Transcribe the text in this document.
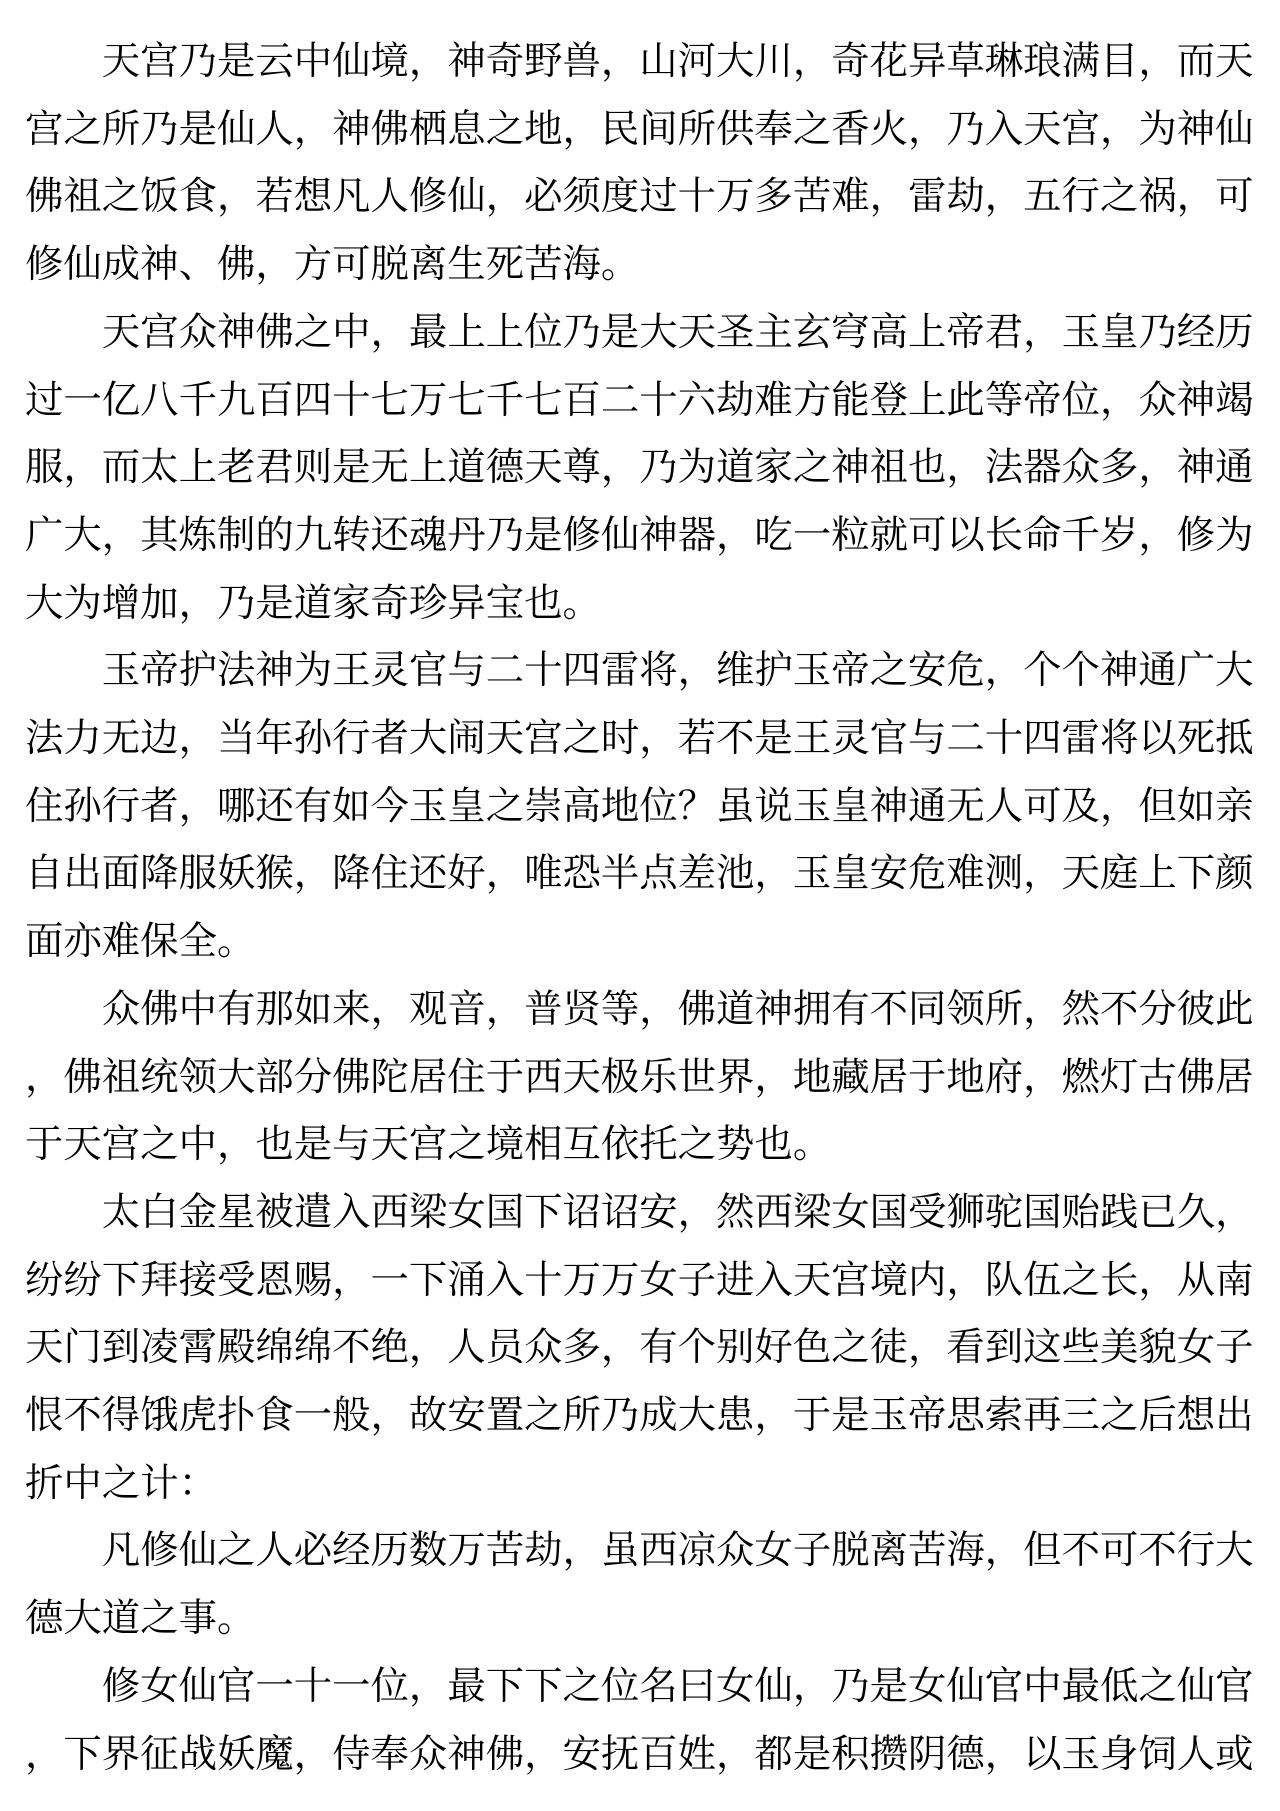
天宫乃是云中仙境，神奇野兽，山河大川，奇花异草琳琅满目，而天宫之所乃是仙人，神佛栖息之地，民间所供奉之香火，乃入天宫，为神仙佛祖之饭食，若想凡人修仙，必须度过十万多苦难，雷劫，五行之祸，可修仙成神、佛，方可脱离生死苦海。

天宫众神佛之中，最上上位乃是大天圣主玄穹高上帝君，玉皇乃经历过一亿八千九百四十七万七千七百二十六劫难方能登上此等帝位，众神竭服，而太上老君则是无上道德天尊，乃为道家之神祖也，法器众多，神通广大，其炼制的九转还魂丹乃是修仙神器，吃一粒就可以长命千岁，修为大为增加，乃是道家奇珍异宝也。

玉帝护法神为王灵官与二十四雷将，维护玉帝之安危，个个神通广大法力无边，当年孙行者大闹天宫之时，若不是王灵官与二十四雷将以死抵住孙行者，哪还有如今玉皇之崇高地位？虽说玉皇神通无人可及，但如亲自出面降服妖猴，降住还好，唯恐半点差池，玉皇安危难测，天庭上下颜面亦难保全。

众佛中有那如来，观音，普贤等，佛道神拥有不同领所，然不分彼此，佛祖统领大部分佛陀居住于西天极乐世界，地藏居于地府，燃灯古佛居于天宫之中，也是与天宫之境相互依托之势也。

太白金星被遣入西梁女国下诏诏安，然西梁女国受狮驼国贻践已久，纷纷下拜接受恩赐，一下涌入十万万女子进入天宫境内，队伍之长，从南天门到凌霄殿绵绵不绝，人员众多，有个别好色之徒，看到这些美貌女子恨不得饿虎扑食一般，故安置之所乃成大患，于是玉帝思索再三之后想出折中之计：

凡修仙之人必经历数万苦劫，虽西凉众女子脱离苦海，但不可不行大德大道之事。

修女仙官一十一位，最下下之位名曰女仙，乃是女仙官中最低之仙官，下界征战妖魔，侍奉众神佛，安抚百姓，都是积攒阴德，以玉身饲人或
